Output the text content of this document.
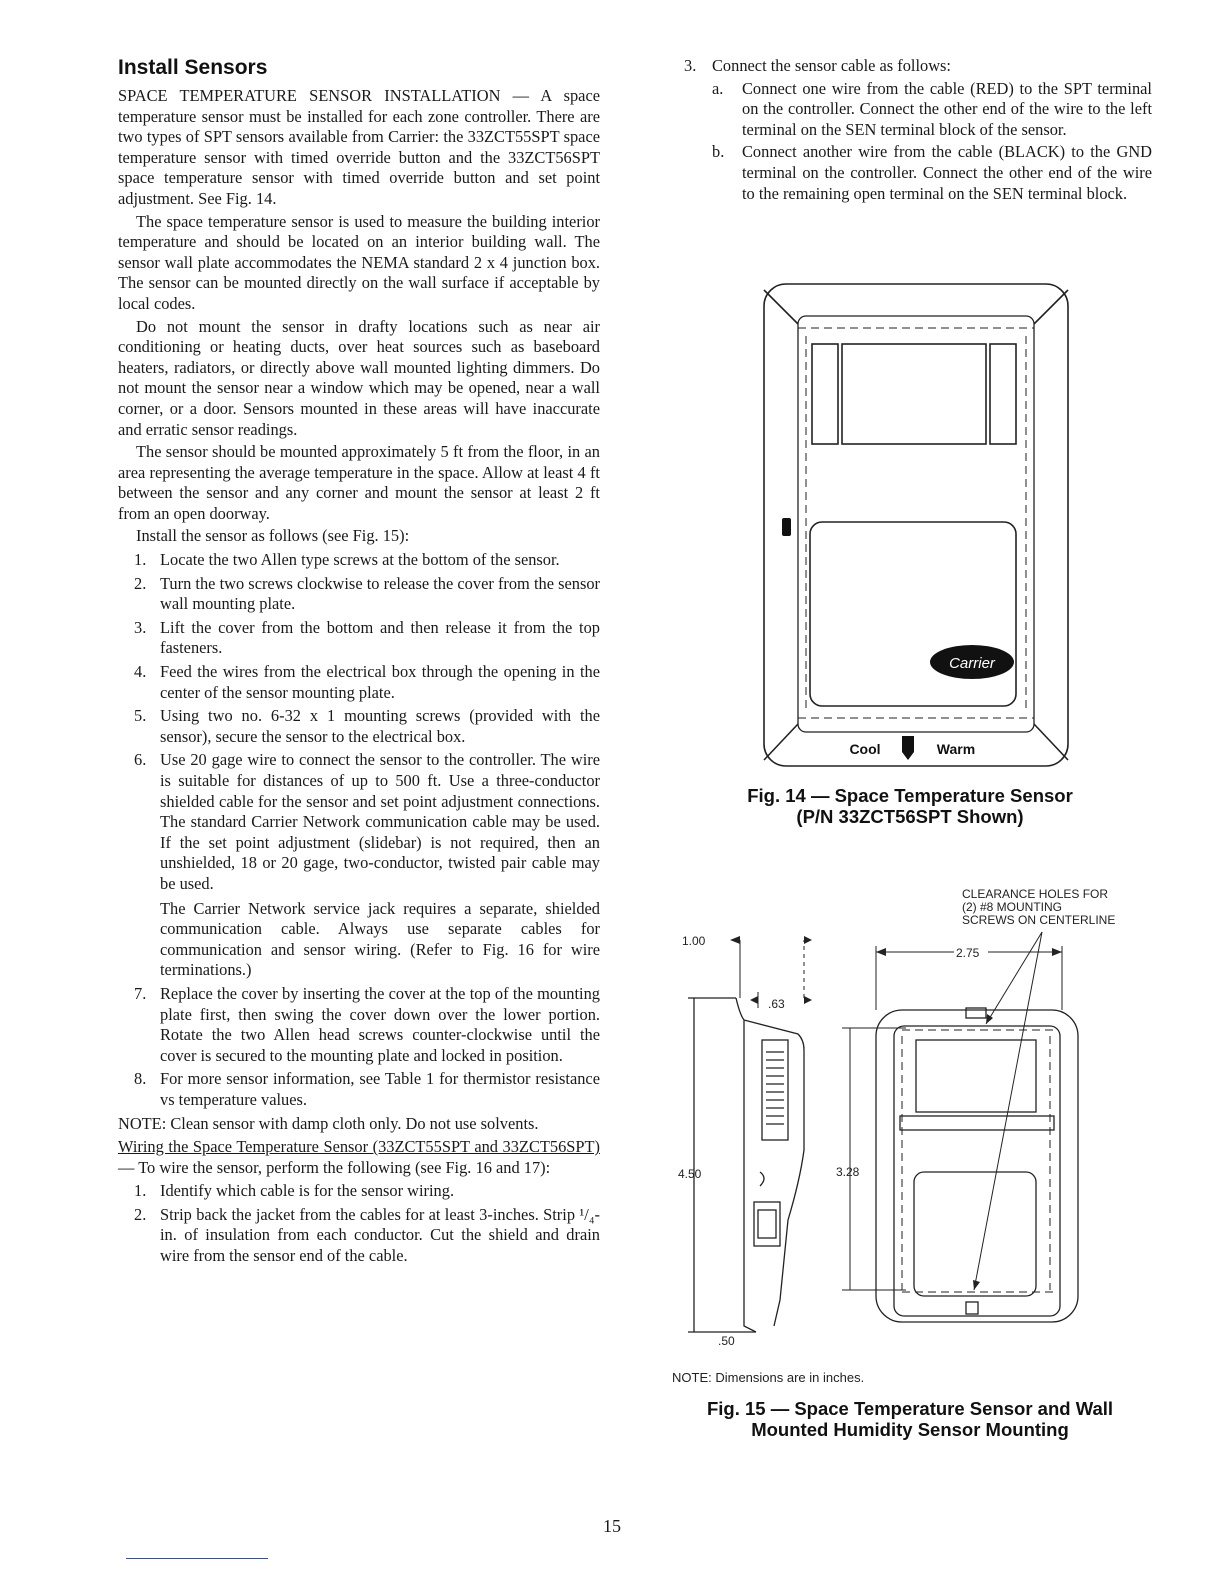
Install Sensors

SPACE TEMPERATURE SENSOR INSTALLATION — A space temperature sensor must be installed for each zone controller. There are two types of SPT sensors available from Carrier: the 33ZCT55SPT space temperature sensor with timed override button and the 33ZCT56SPT space temperature sensor with timed override button and set point adjustment. See Fig. 14.

The space temperature sensor is used to measure the building interior temperature and should be located on an interior building wall. The sensor wall plate accommodates the NEMA standard 2 x 4 junction box. The sensor can be mounted directly on the wall surface if acceptable by local codes.

Do not mount the sensor in drafty locations such as near air conditioning or heating ducts, over heat sources such as baseboard heaters, radiators, or directly above wall mounted lighting dimmers. Do not mount the sensor near a window which may be opened, near a wall corner, or a door. Sensors mounted in these areas will have inaccurate and erratic sensor readings.

The sensor should be mounted approximately 5 ft from the floor, in an area representing the average temperature in the space. Allow at least 4 ft between the sensor and any corner and mount the sensor at least 2 ft from an open doorway.

Install the sensor as follows (see Fig. 15):

1. Locate the two Allen type screws at the bottom of the sensor.
2. Turn the two screws clockwise to release the cover from the sensor wall mounting plate.
3. Lift the cover from the bottom and then release it from the top fasteners.
4. Feed the wires from the electrical box through the opening in the center of the sensor mounting plate.
5. Using two no. 6-32 x 1 mounting screws (provided with the sensor), secure the sensor to the electrical box.
6. Use 20 gage wire to connect the sensor to the controller. The wire is suitable for distances of up to 500 ft. Use a three-conductor shielded cable for the sensor and set point adjustment connections. The standard Carrier Network communication cable may be used. If the set point adjustment (slidebar) is not required, then an unshielded, 18 or 20 gage, two-conductor, twisted pair cable may be used.

The Carrier Network service jack requires a separate, shielded communication cable. Always use separate cables for communication and sensor wiring. (Refer to Fig. 16 for wire terminations.)

7. Replace the cover by inserting the cover at the top of the mounting plate first, then swing the cover down over the lower portion. Rotate the two Allen head screws counter-clockwise until the cover is secured to the mounting plate and locked in position.
8. For more sensor information, see Table 1 for thermistor resistance vs temperature values.

NOTE: Clean sensor with damp cloth only. Do not use solvents.

Wiring the Space Temperature Sensor (33ZCT55SPT and 33ZCT56SPT) — To wire the sensor, perform the following (see Fig. 16 and 17):

1. Identify which cable is for the sensor wiring.
2. Strip back the jacket from the cables for at least 3-inches. Strip ¹/₄-in. of insulation from each conductor. Cut the shield and drain wire from the sensor end of the cable.
3. Connect the sensor cable as follows:
a.	Connect one wire from the cable (RED) to the SPT terminal on the controller. Connect the other end of the wire to the left terminal on the SEN terminal block of the sensor.
b.	Connect another wire from the cable (BLACK) to the GND terminal on the controller. Connect the other end of the wire to the remaining open terminal on the SEN terminal block.
Carrier
Cool	Warm
Fig. 14 — Space Temperature Sensor
(P/N 33ZCT56SPT Shown)
CLEARANCE HOLES FOR
(2) #8 MOUNTING
SCREWS ON CENTERLINE
1.00
.63
2.75
4.50	3.28
.50
NOTE: Dimensions are in inches.
Fig. 15 — Space Temperature Sensor and Wall
Mounted Humidity Sensor Mounting
15
